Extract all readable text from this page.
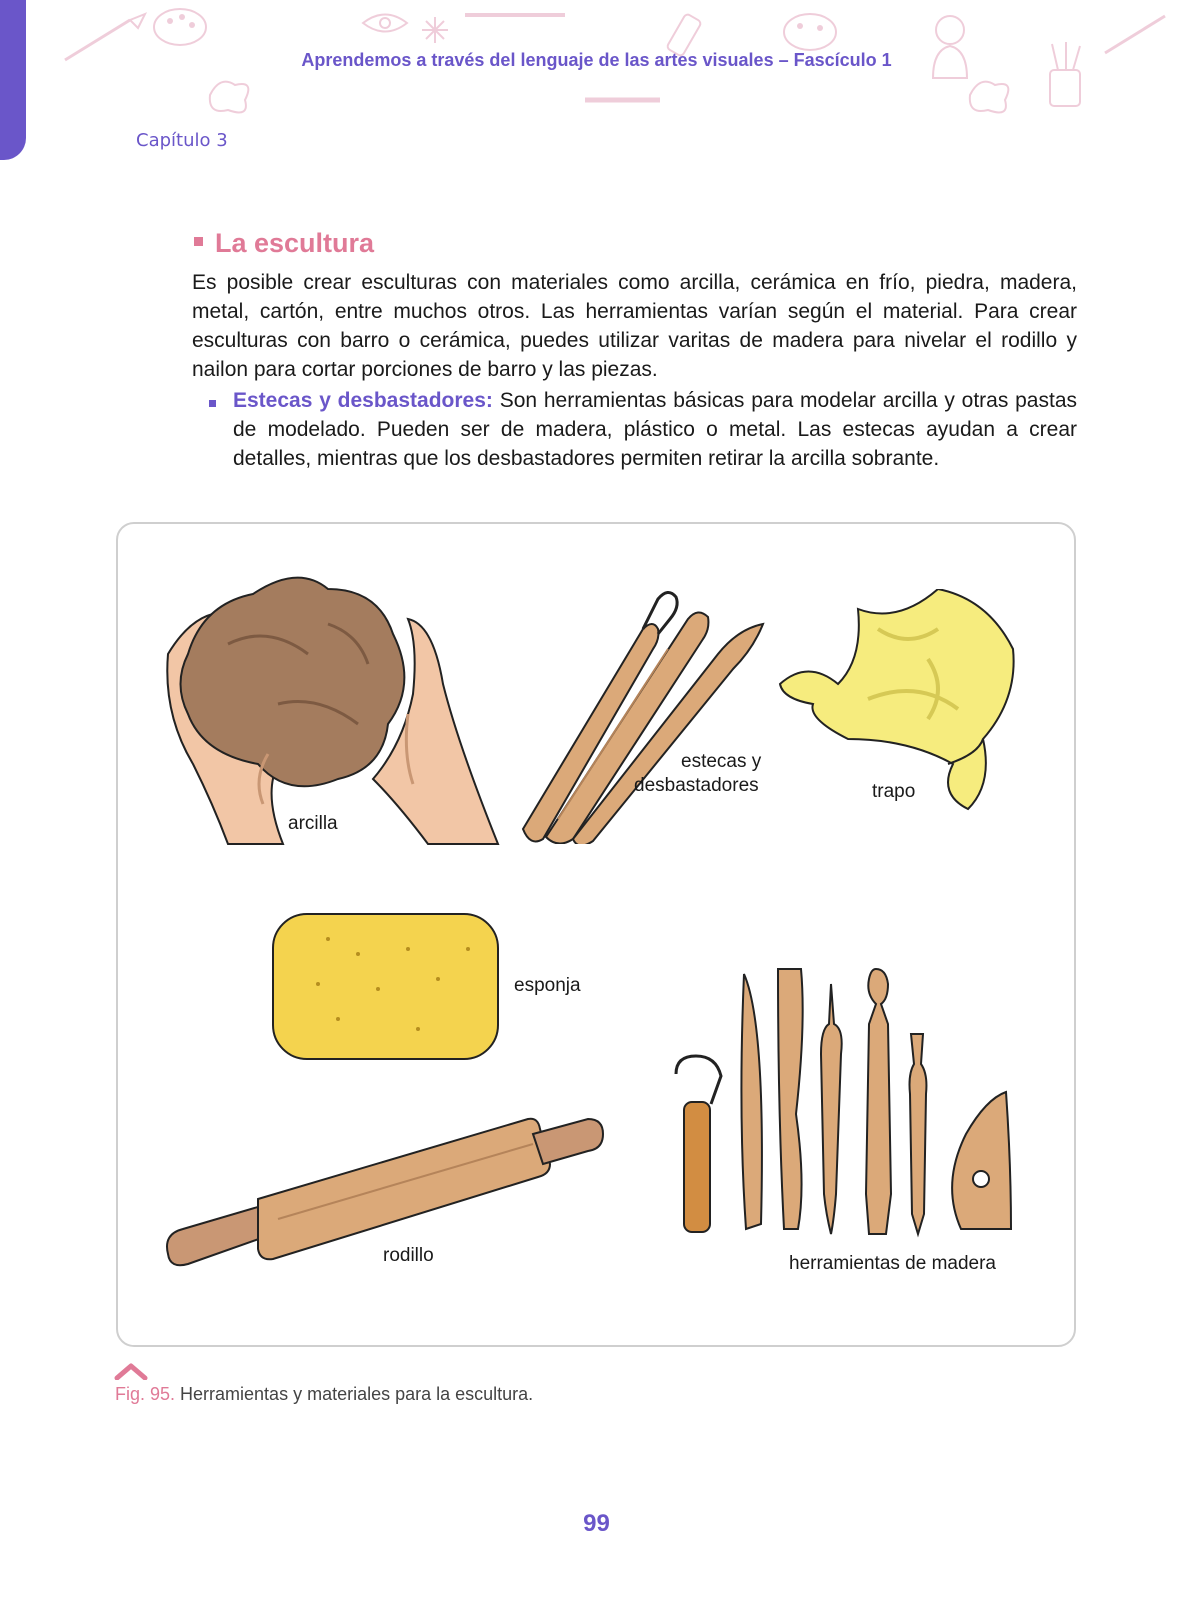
Aprendemos a través del lenguaje de las artes visuales – Fascículo 1
Capítulo 3
La escultura

Es posible crear esculturas con materiales como arcilla, cerámica en frío, piedra, madera, metal, cartón, entre muchos otros. Las herramientas varían según el material. Para crear esculturas con barro o cerámica, puedes utilizar varitas de madera para nivelar el rodillo y nailon para cortar porciones de barro y las piezas.

Estecas y desbastadores: Son herramientas básicas para modelar arcilla y otras pastas de modelado. Pueden ser de madera, plástico o metal. Las estecas ayudan a crear detalles, mientras que los desbastadores permiten retirar la arcilla sobrante.

arcilla
estecas y
desbastadores	trapo
esponja
rodillo	herramientas de madera
Fig. 95. Herramientas y materiales para la escultura.
99
